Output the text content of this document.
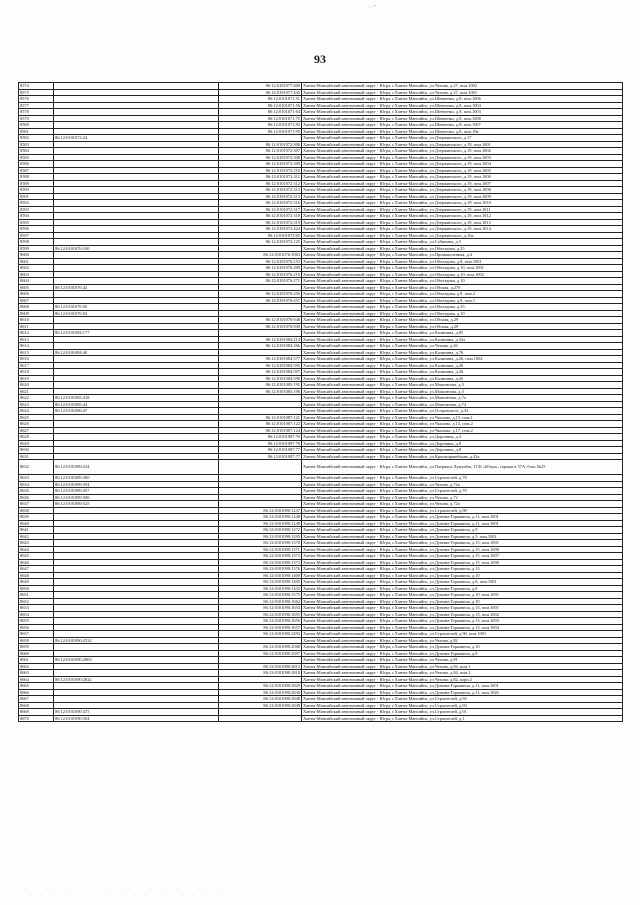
93
ˑ ˑ˜
8574		86:12:0101077:400	Ханты-Мансийский автономный округ - Югра, г.Ханты-Мансийск, ул.Чехова, д.27, пом.1002
8575		86:12:0101077:445	Ханты-Мансийский автономный округ - Югра, г.Ханты-Мансийск, ул.Чехова, д.27, пом.1001
8576		86:12:0101071:51	Ханты-Мансийский автономный округ - Югра, г.Ханты-Мансийск, ул.Шевченко, д.8, пом.1006
8577		86:12:0101071:56	Ханты-Мансийский автономный округ - Югра, г.Ханты-Мансийск, ул.Шевченко, д.8, пом.1004
8578		86:12:0101071:64	Ханты-Мансийский автономный округ - Югра, г.Ханты-Мансийск, ул.Шевченко, д.8, пом.1003
8579		86:12:0101071:75	Ханты-Мансийский автономный округ - Югра, г.Ханты-Мансийск, ул.Шевченко, д.8, пом.1008
8580		86:12:0101071:83	Ханты-Мансийский автономный округ - Югра, г.Ханты-Мансийск, ул.Шевченко, д.8, пом.1007
8581		86:12:0101071:95	Ханты-Мансийский автономный округ - Югра, г.Ханты-Мансийск, ул.Шевченко, д.8, пом.19в
8582	86:12:0101072:24		Ханты-Мансийский автономный округ - Югра, г.Ханты-Мансийск, ул.Дзержинского, д.17
8583		86:12:0101072:306	Ханты-Мансийский автономный округ - Югра, г.Ханты-Мансийск, ул.Дзержинского, д.19, пом.1001
8584		86:12:0101072:307	Ханты-Мансийский автономный округ - Югра, г.Ханты-Мансийск, ул.Дзержинского, д.19, пом.1002
8585		86:12:0101072:308	Ханты-Мансийский автономный округ - Югра, г.Ханты-Мансийск, ул.Дзержинского, д.19, пом.1003
8586		86:12:0101072:309	Ханты-Мансийский автономный округ - Югра, г.Ханты-Мансийск, ул.Дзержинского, д.19, пом.1004
8587		86:12:0101072:310	Ханты-Мансийский автономный округ - Югра, г.Ханты-Мансийск, ул.Дзержинского, д.19, пом.1005
8588		86:12:0101072:311	Ханты-Мансийский автономный округ - Югра, г.Ханты-Мансийск, ул.Дзержинского, д.19, пом.1006
8589		86:12:0101072:312	Ханты-Мансийский автономный округ - Югра, г.Ханты-Мансийск, ул.Дзержинского, д.19, пом.1007
8590		86:12:0101072:313	Ханты-Мансийский автономный округ - Югра, г.Ханты-Мансийск, ул.Дзержинского, д.19, пом.1008
8591		86:12:0101072:315	Ханты-Мансийский автономный округ - Югра, г.Ханты-Мансийск, ул.Дзержинского, д.19, пом.1009
8592		86:12:0101072:316	Ханты-Мансийский автономный округ - Югра, г.Ханты-Мансийск, ул.Дзержинского, д.19, пом.1010
8593		86:12:0101072:317	Ханты-Мансийский автономный округ - Югра, г.Ханты-Мансийск, ул.Дзержинского, д.19, пом.1011
8594		86:12:0101072:318	Ханты-Мансийский автономный округ - Югра, г.Ханты-Мансийск, ул.Дзержинского, д.19, пом.1012
8595		86:12:0101072:319	Ханты-Мансийский автономный округ - Югра, г.Ханты-Мансийск, ул.Дзержинского, д.19, пом.1013
8596		86:12:0101072:424	Ханты-Мансийский автономный округ - Югра, г.Ханты-Мансийск, ул.Дзержинского, д.19, пом.1014
8597		86:12:0101072:65	Ханты-Мансийский автономный округ - Югра, г.Ханты-Мансийск, ул.Дзержинского, д.16а
8598		86:12:0101072:125	Ханты-Мансийский автономный округ - Югра, г.Ханты-Мансийск, ул.Собянина, д.3
8599	86:12:0101076:100		Ханты-Мансийский автономный округ - Югра, г.Ханты-Мансийск, ул.Объездная, д.25
8600		86:12:0101076:1063	Ханты-Мансийский автономный округ - Югра, г.Ханты-Мансийск, ул.Промышленная, д.4
8601		86:12:0101076:153	Ханты-Мансийский автономный округ - Югра, г.Ханты-Мансийск, ул.Объездная, д.8, пом.1001
8602		86:12:0101076:209	Ханты-Мансийский автономный округ - Югра, г.Ханты-Мансийск, ул.Объездная, д.10, пом.1001
8603		86:12:0101076:210	Ханты-Мансийский автономный округ - Югра, г.Ханты-Мансийск, ул.Объездная, д.10, пом.1002
8604		86:12:0101076:271	Ханты-Мансийский автономный округ - Югра, г.Ханты-Мансийск, ул.Объездная, д.10
8605	86:12:0101076:42		Ханты-Мансийский автономный округ - Югра, г.Ханты-Мансийск, ул.Обская, д.27б
8606		86:12:0101076:456	Ханты-Мансийский автономный округ - Югра, г.Ханты-Мансийск, ул.Объездная, д.8, пом.2
8607		86:12:0101076:457	Ханты-Мансийский автономный округ - Югра, г.Ханты-Мансийск, ул.Объездная, д.8, пом.1
8608	86:12:0101076:50		Ханты-Мансийский автономный округ - Югра, г.Ханты-Мансийск, ул.Объездная, д.25
8609	86:12:0101076:92		Ханты-Мансийский автономный округ - Югра, г.Ханты-Мансийск, ул.Объездная, д.10
8610		86:12:0101076:948	Ханты-Мансийский автономный округ - Югра, г.Ханты-Мансийск, ул.Обская, д.29
8611		86:12:0101076:949	Ханты-Мансийский автономный округ - Югра, г.Ханты-Мансийск, ул.Обская, д.29
8612	86:12:0101084:177		Ханты-Мансийский автономный округ - Югра, г.Ханты-Мансийск, ул.Калинина, д.85
8613		86:12:0101084:214	Ханты-Мансийский автономный округ - Югра, г.Ханты-Мансийск, ул.Калинина, д.32а
8614		86:12:0101084:266	Ханты-Мансийский автономный округ - Югра, г.Ханты-Мансийск, ул.Чехова, д.26
8615	86:12:0101084:40		Ханты-Мансийский автономный округ - Югра, г.Ханты-Мансийск, ул.Калинина, д.76
8616		86:12:0101084:577	Ханты-Мансийский автономный округ - Югра, г.Ханты-Мансийск, ул.Калинина, д.26, пом.1002
8617		86:12:0101084:595	Ханты-Мансийский автономный округ - Югра, г.Ханты-Мансийск, ул.Калинина, д.26
8618		86:12:0101084:597	Ханты-Мансийский автономный округ - Югра, г.Ханты-Мансийск, ул.Калинина, д.26
8619		86:12:0101084:596	Ханты-Мансийский автономный округ - Югра, г.Ханты-Мансийск, ул.Калинина, д.26
8620		86:12:0101085:195	Ханты-Мансийский автономный округ - Югра, г.Ханты-Мансийск, ул.Мамонтова, д.3
8621		86:12:0101085:196	Ханты-Мансийский автономный округ - Югра, г.Ханты-Мансийск, ул.Мамонтова, д.3
8622	86:12:0101085:418		Ханты-Мансийский автономный округ - Югра, г.Ханты-Мансийск, ул.Мамонтова, д.7а
8623	86:12:0101085:44		Ханты-Мансийский автономный округ - Югра, г.Ханты-Мансийск, ул.Мамонтова, д.74
8624	86:12:0101086:47		Ханты-Мансийский автономный округ - Югра, г.Ханты-Мансийск, ул.Островского, д.32
8625		86:12:0101087:121	Ханты-Мансийский автономный округ - Югра, г.Ханты-Мансийск, ул.Чкалова, д.15, пом.1
8626		86:12:0101087:122	Ханты-Мансийский автономный округ - Югра, г.Ханты-Мансийск, ул.Чкалова, д.15, пом.2
8627		86:12:0101087:124	Ханты-Мансийский автономный округ - Югра, г.Ханты-Мансийск, ул.Чкалова, д.17, пом.2
8628		86:12:0101087:70	Ханты-Мансийский автономный округ - Югра, г.Ханты-Мансийск, ул.Доронина, д.3
8629		86:12:0101087:76	Ханты-Мансийский автономный округ - Югра, г.Ханты-Мансийск, ул.Доронина, д.8
8630		86:12:0101087:77	Ханты-Мансийский автономный округ - Югра, г.Ханты-Мансийск, ул.Доронина, д.8
8631		86:12:0101087:77	Ханты-Мансийский автономный округ - Югра, г.Ханты-Мансийск, ул.Красноармейская, д.42а
8632	86:12:0101089:234		Ханты-Мансийский автономный округ - Югра, г.Ханты-Мансийск, ул.Патрикса Лумумбы, ГСК «Югра», гаражи в 57А, бокс №25
8633	86:12:0101089:300		Ханты-Мансийский автономный округ - Югра, г.Ханты-Мансийск, ул.Строителей, д.70
8634	86:12:0101089:394		Ханты-Мансийский автономный округ - Югра, г.Ханты-Мансийск, ул.Чехова, д.72а
8635	86:12:0101089:457		Ханты-Мансийский автономный округ - Югра, г.Ханты-Мансийск, ул.Строителей, д.70
8636	86:12:0101089:500		Ханты-Мансийский автономный округ - Югра, г.Ханты-Мансийск, ул.Чехова, д.72
8637	86:12:0101089:525		Ханты-Мансийский автономный округ - Югра, г.Ханты-Мансийск, ул.Чехова, д.72а
8638		86:12:0101090:1237	Ханты-Мансийский автономный округ - Югра, г.Ханты-Мансийск, ул.Строителей, д.90
8639		86:12:0101090:1248	Ханты-Мансийский автономный округ - Югра, г.Ханты-Мансийск, ул.Дунина-Горкавича, д.11, пом.1001
8640		86:12:0101090:1249	Ханты-Мансийский автономный округ - Югра, г.Ханты-Мансийск, ул.Дунина-Горкавича, д.11, пом.1001
8641		86:12:0101090:1272	Ханты-Мансийский автономный округ - Югра, г.Ханты-Мансийск, ул.Дунина-Горкавича, д.9
8642		86:12:0101090:1295	Ханты-Мансийский автономный округ - Югра, г.Ханты-Мансийск, ул.Дунина-Горкавича, д.5, пом.1001
8643		86:12:0101090:1370	Ханты-Мансийский автономный округ - Югра, г.Ханты-Мансийск, ул.Дунина-Горкавича, д.15, пом.1001
8644		86:12:0101090:1371	Ханты-Мансийский автономный округ - Югра, г.Ханты-Мансийск, ул.Дунина-Горкавича, д.15, пом.1008
8645		86:12:0101090:1372	Ханты-Мансийский автономный округ - Югра, г.Ханты-Мансийск, ул.Дунина-Горкавича, д.15, пом.1007
8646		86:12:0101090:1373	Ханты-Мансийский автономный округ - Югра, г.Ханты-Мансийск, ул.Дунина-Горкавича, д.15, пом.1006
8647		86:12:0101090:1376	Ханты-Мансийский автономный округ - Югра, г.Ханты-Мансийск, ул.Дунина-Горкавича, д.13
8648		86:12:0101090:1400	Ханты-Мансийский автономный округ - Югра, г.Ханты-Мансийск, ул.Дунина-Горкавича, д.10
8649		86:12:0101090:1405	Ханты-Мансийский автономный округ - Югра, г.Ханты-Мансийск, ул.Дунина-Горкавича, д.8, пом.1001
8650		86:12:0101090:1432	Ханты-Мансийский автономный округ - Югра, г.Ханты-Мансийск, ул.Дунина-Горкавича, д.6
8651		86:12:0101090:1575	Ханты-Мансийский автономный округ - Югра, г.Ханты-Мансийск, ул.Дунина-Горкавича, д.10, пом.1001
8652		86:12:0101090:1662	Ханты-Мансийский автономный округ - Югра, г.Ханты-Мансийск, ул.Дунина-Горкавича, д.10
8653		86:12:0101090:1654	Ханты-Мансийский автономный округ - Югра, г.Ханты-Мансийск, ул.Дунина-Горкавича, д.13, пом.1001
8654		86:12:0101090:1655	Ханты-Мансийский автономный округ - Югра, г.Ханты-Мансийск, ул.Дунина-Горкавича, д.13, пом.1002
8655		86:12:0101090:1656	Ханты-Мансийский автономный округ - Югра, г.Ханты-Мансийск, ул.Дунина-Горкавича, д.13, пом.1003
8656		86:12:0101090:1657	Ханты-Мансийский автономный округ - Югра, г.Ханты-Мансийск, ул.Дунина-Горкавича, д.13, пом.1004
8657		86:12:0101090:2293	Ханты-Мансийский автономный округ - Югра, г.Ханты-Мансийск, ул.Строителей, д.90, пом.1001
8658	86:12:0101090:2532		Ханты-Мансийский автономный округ - Югра, г.Ханты-Мансийск, ул.Чехова, д.82
8659		86:12:0101090:2568	Ханты-Мансийский автономный округ - Югра, г.Ханты-Мансийск, ул.Дунина-Горкавича, д.10
8660		86:12:0101090:2597	Ханты-Мансийский автономный округ - Югра, г.Ханты-Мансийск, ул.Дунина-Горкавича, д.8
8661	86:12:0101090:2803		Ханты-Мансийский автономный округ - Югра, г.Ханты-Мансийск, ул.Чехова, д.81
8662		86:12:0101090:2813	Ханты-Мансийский автономный округ - Югра, г.Ханты-Мансийск, ул.Чехова, д.84, пом.1
8663		86:12:0101090:2818	Ханты-Мансийский автономный округ - Югра, г.Ханты-Мансийск, ул.Чехова, д.84, пом.2
8664	86:12:0101090:2822		Ханты-Мансийский автономный округ - Югра, г.Ханты-Мансийск, ул.Чехова, д.82, корп.2
8665		86:12:0101090:2829	Ханты-Мансийский автономный округ - Югра, г.Ханты-Мансийск, ул.Дунина-Горкавича, д.11, пом.1001
8666		86:12:0101090:2830	Ханты-Мансийский автономный округ - Югра, г.Ханты-Мансийск, ул.Дунина-Горкавича, д.11, пом.1026
8667		86:12:0101090:2848	Ханты-Мансийский автономный округ - Югра, г.Ханты-Мансийск, ул.Строителей, д.93
8668		86:12:0101090:2849	Ханты-Мансийский автономный округ - Югра, г.Ханты-Мансийск, ул.Строителей, д.93
8669	86:12:0101090:475		Ханты-Мансийский автономный округ - Югра, г.Ханты-Мансийск, ул.Строителей, д.91
8670	86:12:0101090:504		Ханты-Мансийский автономный округ - Югра, г.Ханты-Мансийск, ул.Строителей, д.1
· · · · · · · · · · · · · · · · · · · · · · · ·
